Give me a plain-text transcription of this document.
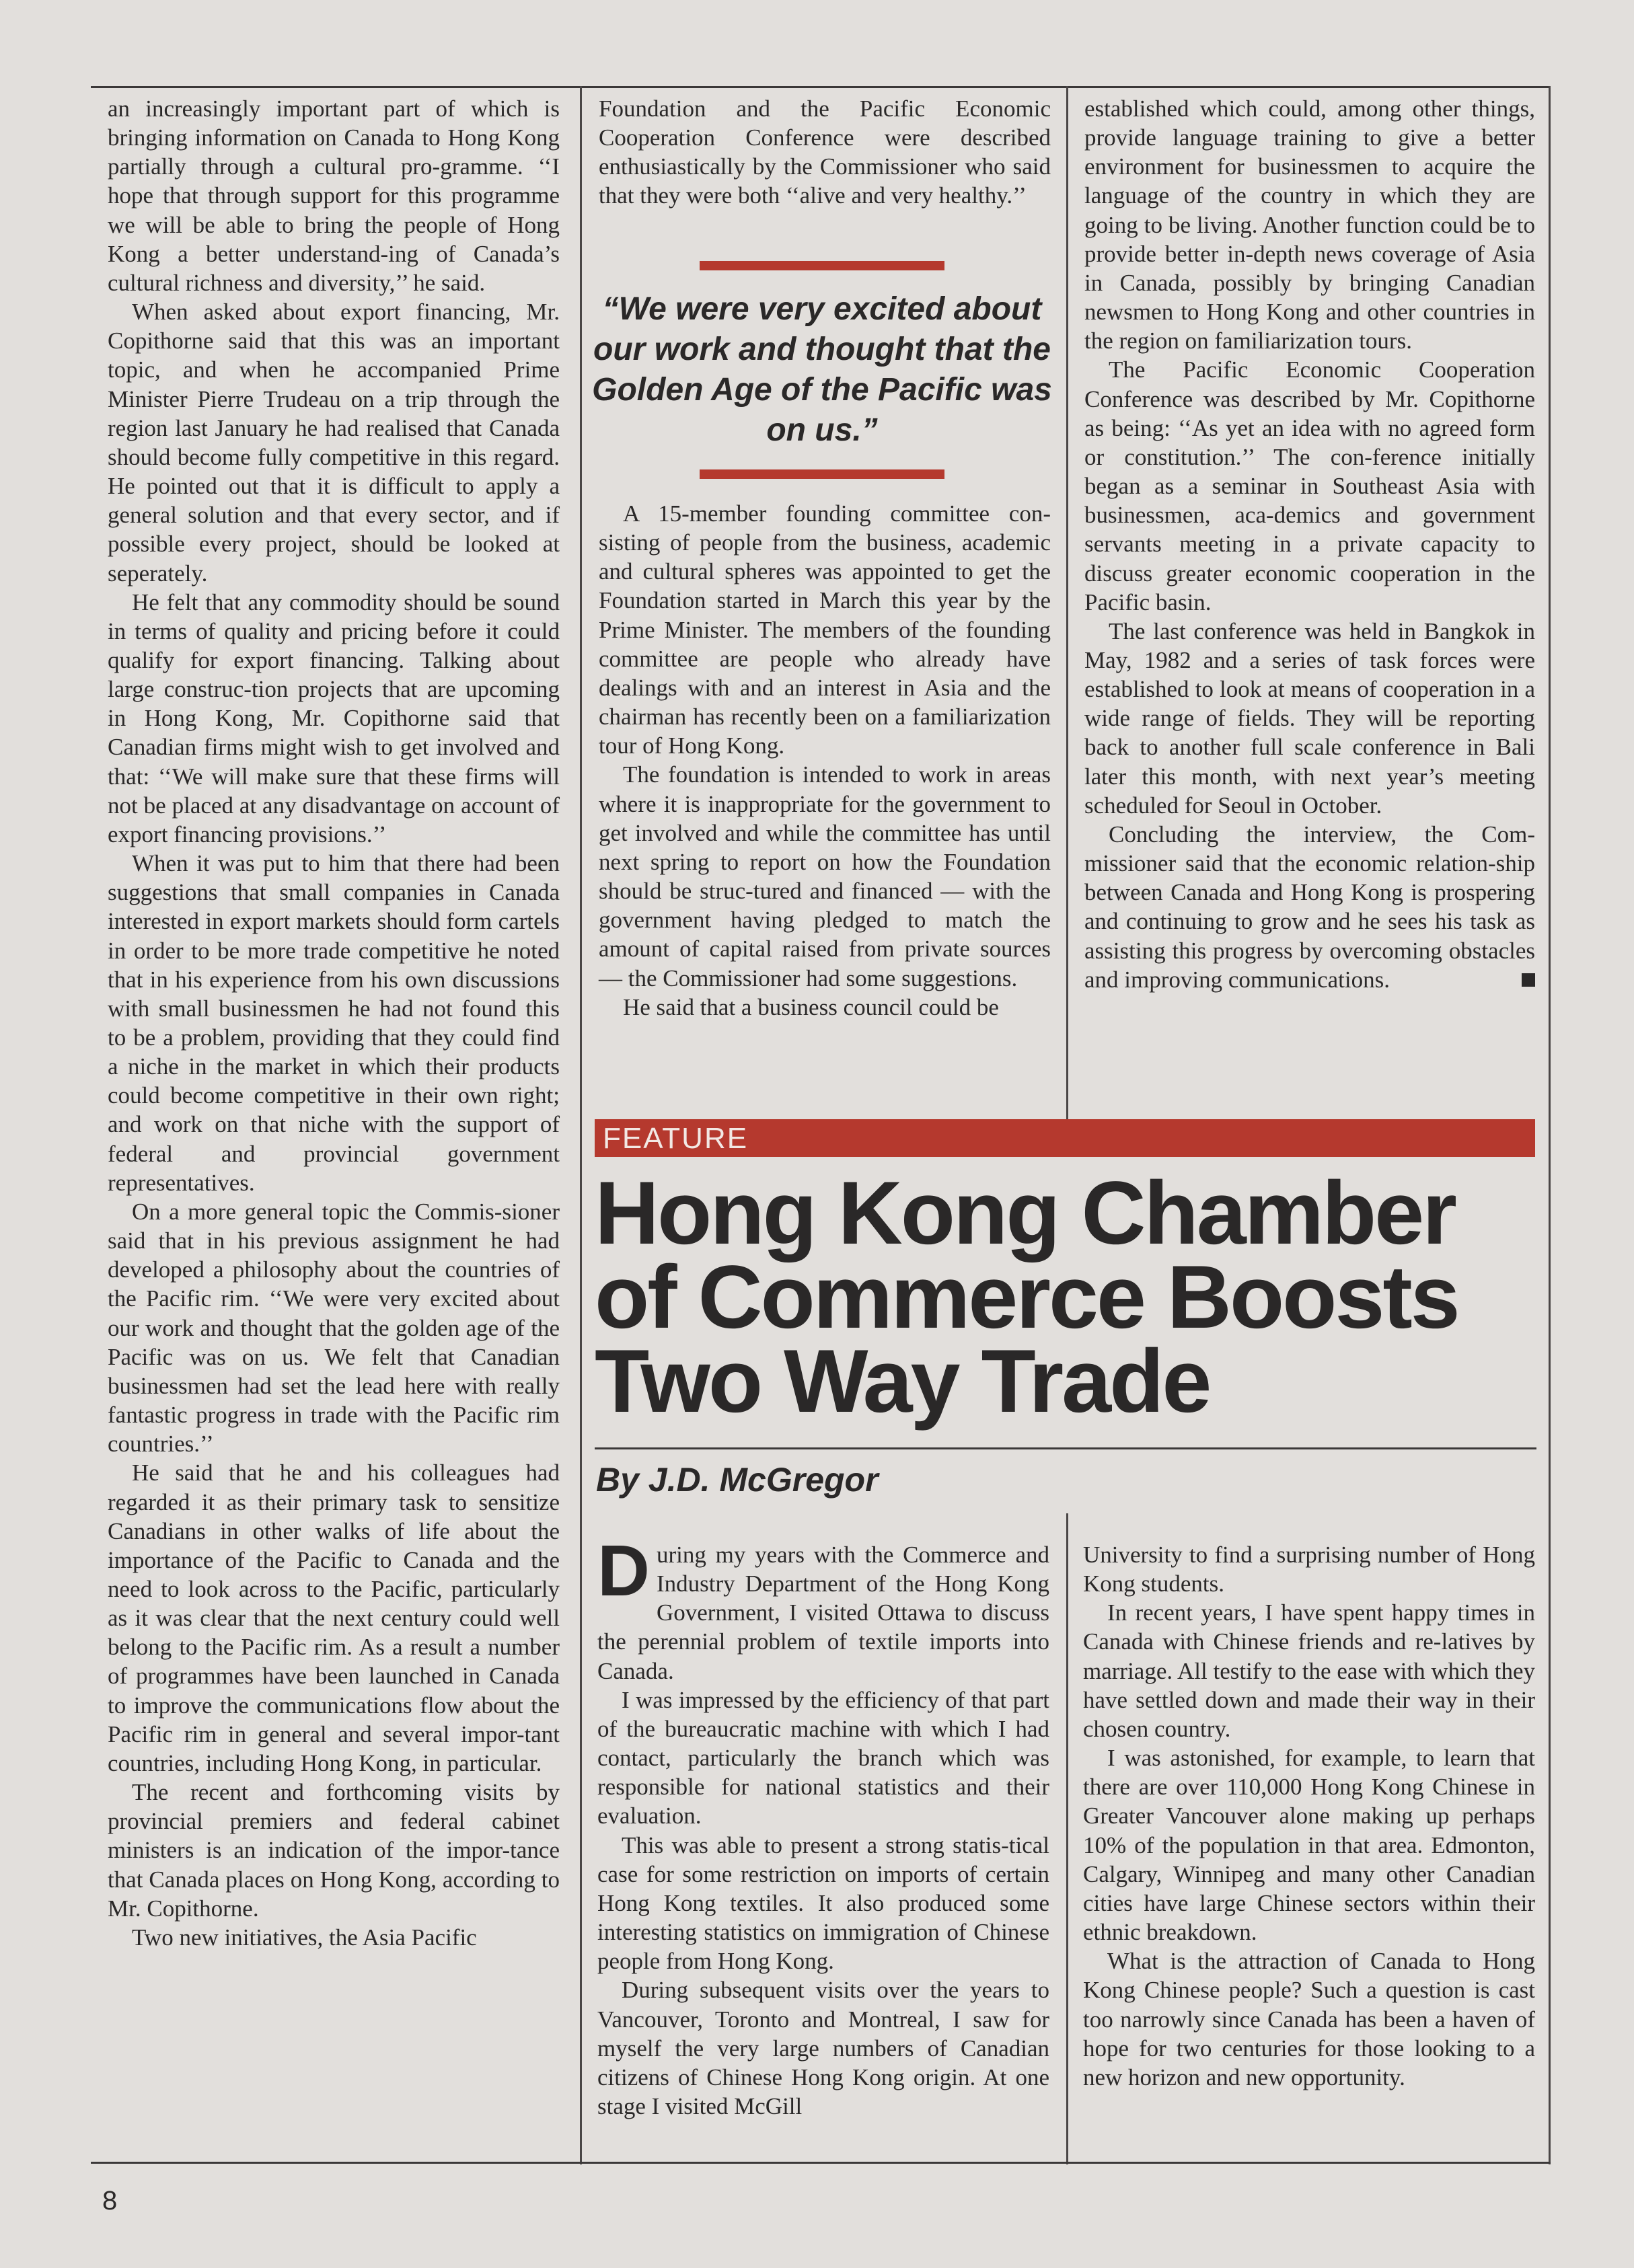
an increasingly important part of which is bringing information on Canada to Hong Kong partially through a cultural pro-gramme. ‘‘I hope that through support for this programme we will be able to bring the people of Hong Kong a better understand-ing of Canada’s cultural richness and diversity,’’ he said.

When asked about export financing, Mr. Copithorne said that this was an important topic, and when he accompanied Prime Minister Pierre Trudeau on a trip through the region last January he had realised that Canada should become fully competitive in this regard. He pointed out that it is difficult to apply a general solution and that every sector, and if possible every project, should be looked at seperately.

He felt that any commodity should be sound in terms of quality and pricing before it could qualify for export financing. Talking about large construc-tion projects that are upcoming in Hong Kong, Mr. Copithorne said that Canadian firms might wish to get involved and that: ‘‘We will make sure that these firms will not be placed at any disadvantage on account of export financing provisions.’’

When it was put to him that there had been suggestions that small companies in Canada interested in export markets should form cartels in order to be more trade competitive he noted that in his experience from his own discussions with small businessmen he had not found this to be a problem, providing that they could find a niche in the market in which their products could become competitive in their own right; and work on that niche with the support of federal and provincial government representatives.

On a more general topic the Commis-sioner said that in his previous assignment he had developed a philosophy about the countries of the Pacific rim. ‘‘We were very excited about our work and thought that the golden age of the Pacific was on us. We felt that Canadian businessmen had set the lead here with really fantastic progress in trade with the Pacific rim countries.’’

He said that he and his colleagues had regarded it as their primary task to sensitize Canadians in other walks of life about the importance of the Pacific to Canada and the need to look across to the Pacific, particularly as it was clear that the next century could well belong to the Pacific rim. As a result a number of programmes have been launched in Canada to improve the communications flow about the Pacific rim in general and several impor-tant countries, including Hong Kong, in particular.

The recent and forthcoming visits by provincial premiers and federal cabinet ministers is an indication of the impor-tance that Canada places on Hong Kong, according to Mr. Copithorne.

Two new initiatives, the Asia Pacific

Foundation and the Pacific Economic Cooperation Conference were described enthusiastically by the Commissioner who said that they were both ‘‘alive and very healthy.’’

“We were very excited about our work and thought that the Golden Age of the Pacific was on us.”

A 15-member founding committee con-sisting of people from the business, academic and cultural spheres was appointed to get the Foundation started in March this year by the Prime Minister. The members of the founding committee are people who already have dealings with and an interest in Asia and the chairman has recently been on a familiarization tour of Hong Kong.

The foundation is intended to work in areas where it is inappropriate for the government to get involved and while the committee has until next spring to report on how the Foundation should be struc-tured and financed — with the government having pledged to match the amount of capital raised from private sources — the Commissioner had some suggestions.

He said that a business council could be

established which could, among other things, provide language training to give a better environment for businessmen to acquire the language of the country in which they are going to be living. Another function could be to provide better in-depth news coverage of Asia in Canada, possibly by bringing Canadian newsmen to Hong Kong and other countries in the region on familiarization tours.

The Pacific Economic Cooperation Conference was described by Mr. Copithorne as being: ‘‘As yet an idea with no agreed form or constitution.’’ The con-ference initially began as a seminar in Southeast Asia with businessmen, aca-demics and government servants meeting in a private capacity to discuss greater economic cooperation in the Pacific basin.

The last conference was held in Bangkok in May, 1982 and a series of task forces were established to look at means of cooperation in a wide range of fields. They will be reporting back to another full scale conference in Bali later this month, with next year’s meeting scheduled for Seoul in October.

Concluding the interview, the Com-missioner said that the economic relation-ship between Canada and Hong Kong is prospering and continuing to grow and he sees his task as assisting this progress by overcoming obstacles and improving communications.

FEATURE
Hong Kong Chamber
of Commerce Boosts
Two Way Trade
By J.D. McGregor

During my years with the Commerce and Industry Department of the Hong Kong Government, I visited Ottawa to discuss the perennial problem of textile imports into Canada.

I was impressed by the efficiency of that part of the bureaucratic machine with which I had contact, particularly the branch which was responsible for national statistics and their evaluation.

This was able to present a strong statis-tical case for some restriction on imports of certain Hong Kong textiles. It also produced some interesting statistics on immigration of Chinese people from Hong Kong.

During subsequent visits over the years to Vancouver, Toronto and Montreal, I saw for myself the very large numbers of Canadian citizens of Chinese Hong Kong origin. At one stage I visited McGill

University to find a surprising number of Hong Kong students.

In recent years, I have spent happy times in Canada with Chinese friends and re-latives by marriage. All testify to the ease with which they have settled down and made their way in their chosen country.

I was astonished, for example, to learn that there are over 110,000 Hong Kong Chinese in Greater Vancouver alone making up perhaps 10% of the population in that area. Edmonton, Calgary, Winnipeg and many other Canadian cities have large Chinese sectors within their ethnic breakdown.

What is the attraction of Canada to Hong Kong Chinese people? Such a question is cast too narrowly since Canada has been a haven of hope for two centuries for those looking to a new horizon and new opportunity.

8
